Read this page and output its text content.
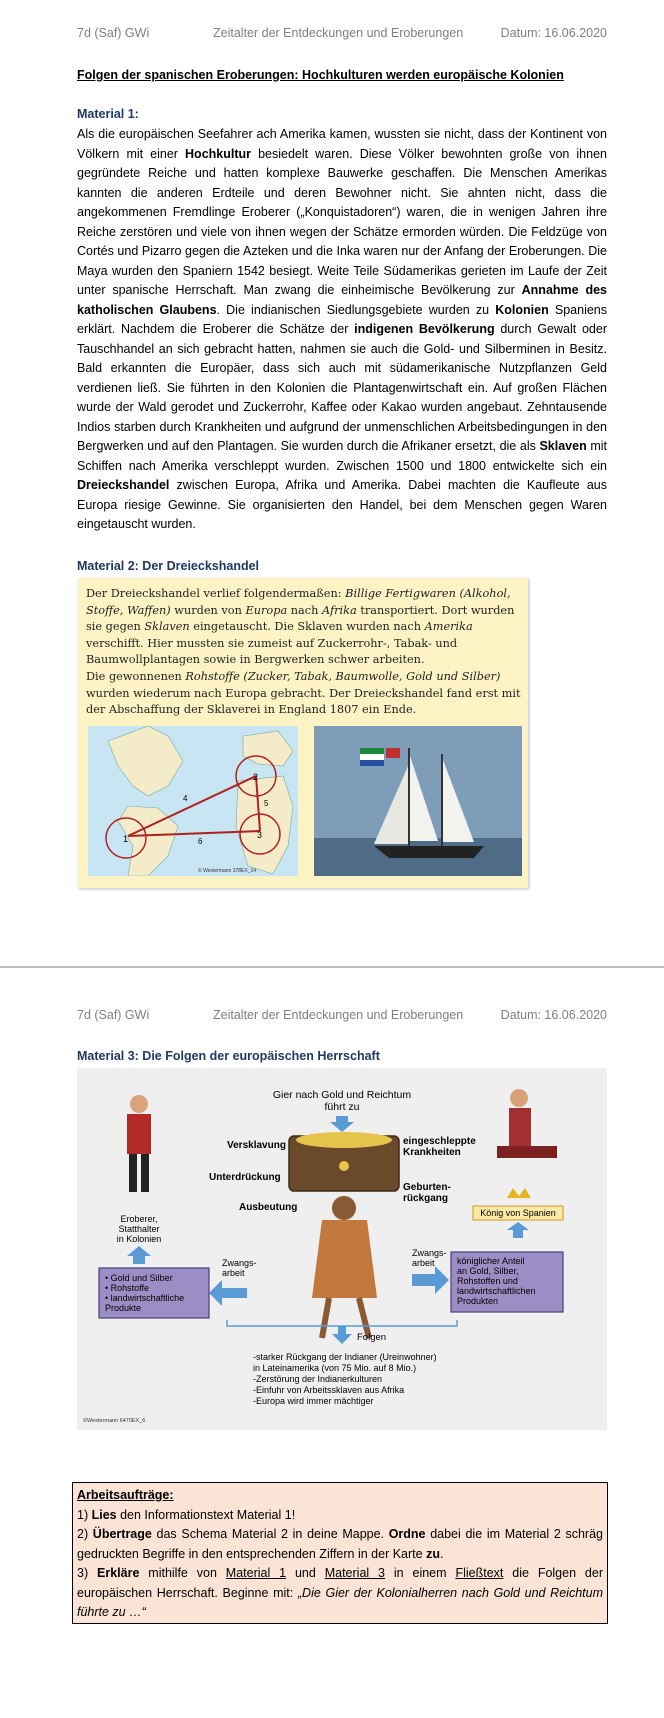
7d (Saf) GWi	Zeitalter der Entdeckungen und Eroberungen	Datum: 16.06.2020
Folgen der spanischen Eroberungen: Hochkulturen werden europäische Kolonien
Material 1:
Als die europäischen Seefahrer ach Amerika kamen, wussten sie nicht, dass der Kontinent von Völkern mit einer Hochkultur besiedelt waren. Diese Völker bewohnten große von ihnen gegründete Reiche und hatten komplexe Bauwerke geschaffen. Die Menschen Amerikas kannten die anderen Erdteile und deren Bewohner nicht. Sie ahnten nicht, dass die angekommenen Fremdlinge Eroberer („Konquistadoren“) waren, die in wenigen Jahren ihre Reiche zerstören und viele von ihnen wegen der Schätze ermorden würden. Die Feldzüge von Cortés und Pizarro gegen die Azteken und die Inka waren nur der Anfang der Eroberungen. Die Maya wurden den Spaniern 1542 besiegt. Weite Teile Südamerikas gerieten im Laufe der Zeit unter spanische Herrschaft. Man zwang die einheimische Bevölkerung zur Annahme des katholischen Glaubens. Die indianischen Siedlungsgebiete wurden zu Kolonien Spaniens erklärt. Nachdem die Eroberer die Schätze der indigenen Bevölkerung durch Gewalt oder Tauschhandel an sich gebracht hatten, nahmen sie auch die Gold- und Silberminen in Besitz. Bald erkannten die Europäer, dass sich auch mit südamerikanische Nutzpflanzen Geld verdienen ließ. Sie führten in den Kolonien die Plantagenwirtschaft ein. Auf großen Flächen wurde der Wald gerodet und Zuckerrohr, Kaffee oder Kakao wurden angebaut. Zehntausende Indios starben durch Krankheiten und aufgrund der unmenschlichen Arbeitsbedingungen in den Bergwerken und auf den Plantagen. Sie wurden durch die Afrikaner ersetzt, die als Sklaven mit Schiffen nach Amerika verschleppt wurden. Zwischen 1500 und 1800 entwickelte sich ein Dreieckshandel zwischen Europa, Afrika und Amerika. Dabei machten die Kaufleute aus Europa riesige Gewinne. Sie organisierten den Handel, bei dem Menschen gegen Waren eingetauscht wurden.
Material 2: Der Dreieckshandel
Der Dreieckshandel verlief folgendermaßen: Billige Fertigwaren (Alkohol, Stoffe, Waffen) wurden von Europa nach Afrika transportiert. Dort wurden sie gegen Sklaven eingetauscht. Die Sklaven wurden nach Amerika verschifft. Hier mussten sie zumeist auf Zuckerrohr-, Tabak- und Baumwollplantagen sowie in Bergwerken schwer arbeiten.
Die gewonnenen Rohstoffe (Zucker, Tabak, Baumwolle, Gold und Silber) wurden wiederum nach Europa gebracht. Der Dreieckshandel fand erst mit der Abschaffung der Sklaverei in England 1807 ein Ende.
2
3
1
4
5
6
© Westermann 378EX_14
7d (Saf) GWi	Zeitalter der Entdeckungen und Eroberungen	Datum: 16.06.2020
Material 3: Die Folgen der europäischen Herrschaft
Gier nach Gold und Reichtum
führt zu
Versklavung
Unterdrückung
Ausbeutung
eingeschleppte
Krankheiten
Geburten-
rückgang
Eroberer,
Statthalter
in Kolonien
• Gold und Silber
• Rohstoffe
• landwirtschaftliche
Produkte
Zwangs-
arbeit
König von Spanien
königlicher Anteil
an Gold, Silber,
Rohstoffen und
landwirtschaftlichen
Produkten
Zwangs-
arbeit
Folgen
-starker Rückgang der Indianer (Ureinwohner)
in Lateinamerika (von 75 Mio. auf 8 Mio.)
-Zerstörung der Indianerkulturen
-Einfuhr von Arbeitssklaven aus Afrika
-Europa wird immer mächtiger
©Westermann 6470EX_6
Arbeitsaufträge:
1) Lies den Informationstext Material 1!
2) Übertrage das Schema Material 2 in deine Mappe. Ordne dabei die im Material 2 schräg gedruckten Begriffe in den entsprechenden Ziffern in der Karte zu.
3) Erkläre mithilfe von Material 1 und Material 3 in einem Fließtext die Folgen der europäischen Herrschaft. Beginne mit: „Die Gier der Kolonialherren nach Gold und Reichtum führte zu …“
